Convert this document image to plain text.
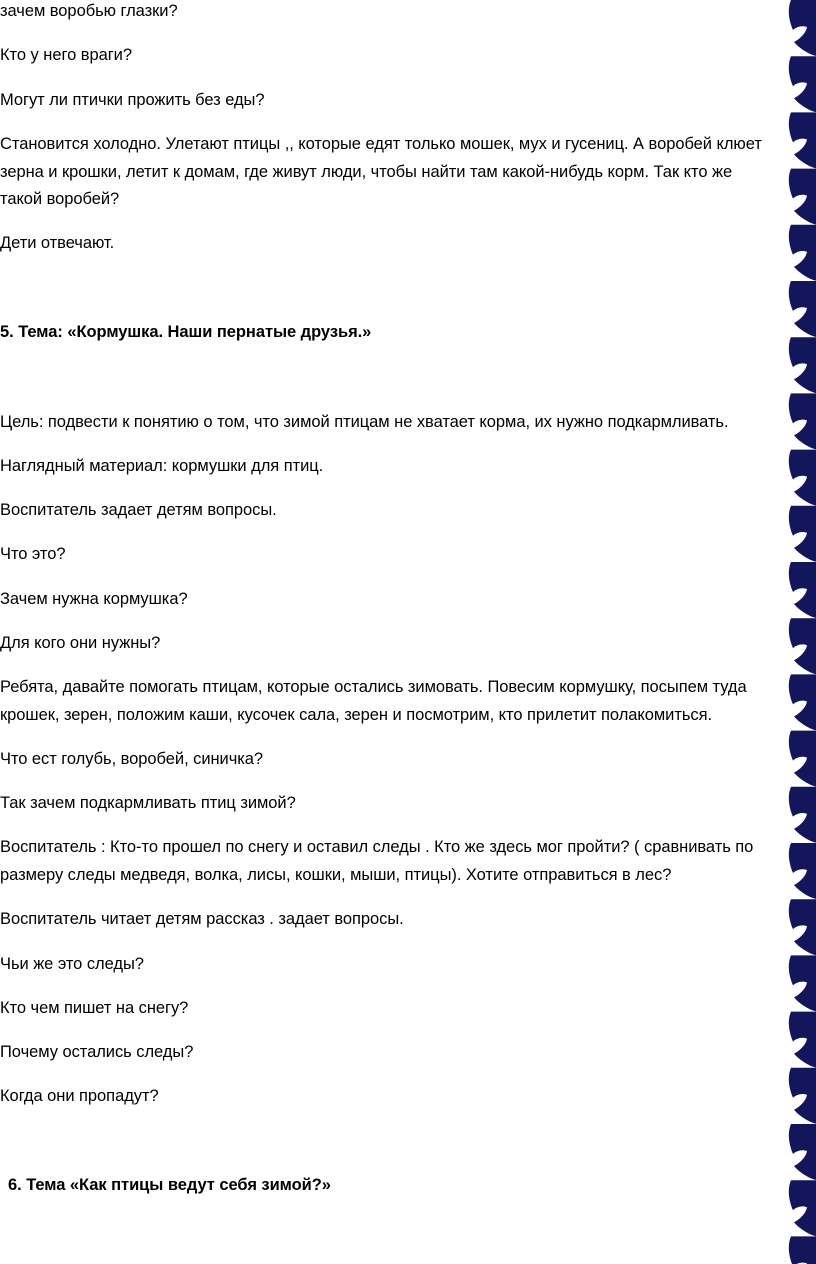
зачем воробью глазки?

Кто у него враги?

Могут ли птички прожить без еды?

Становится холодно. Улетают птицы ,, которые едят только мошек, мух и гусениц. А воробей клюет

зерна и крошки, летит к домам, где живут люди, чтобы найти там какой-нибудь корм. Так кто же

такой воробей?

Дети отвечают.

5. Тема: «Кормушка. Наши пернатые друзья.»

Цель: подвести к понятию о том, что зимой птицам не хватает корма, их нужно подкармливать.

Наглядный материал: кормушки для птиц.

Воспитатель задает детям вопросы.

Что это?

Зачем нужна кормушка?

Для кого они нужны?

Ребята, давайте помогать птицам, которые остались зимовать. Повесим кормушку, посыпем туда

крошек, зерен, положим каши, кусочек сала, зерен и посмотрим, кто прилетит полакомиться.

Что ест голубь, воробей, синичка?

Так зачем подкармливать птиц зимой?

Воспитатель : Кто-то прошел по снегу и оставил следы . Кто же здесь мог пройти? ( сравнивать по

размеру следы медведя, волка, лисы, кошки, мыши, птицы). Хотите отправиться в лес?

Воспитатель читает детям рассказ . задает вопросы.

Чьи же это следы?

Кто чем пишет на снегу?

Почему остались следы?

Когда они пропадут?

6. Тема «Как птицы ведут себя зимой?»
